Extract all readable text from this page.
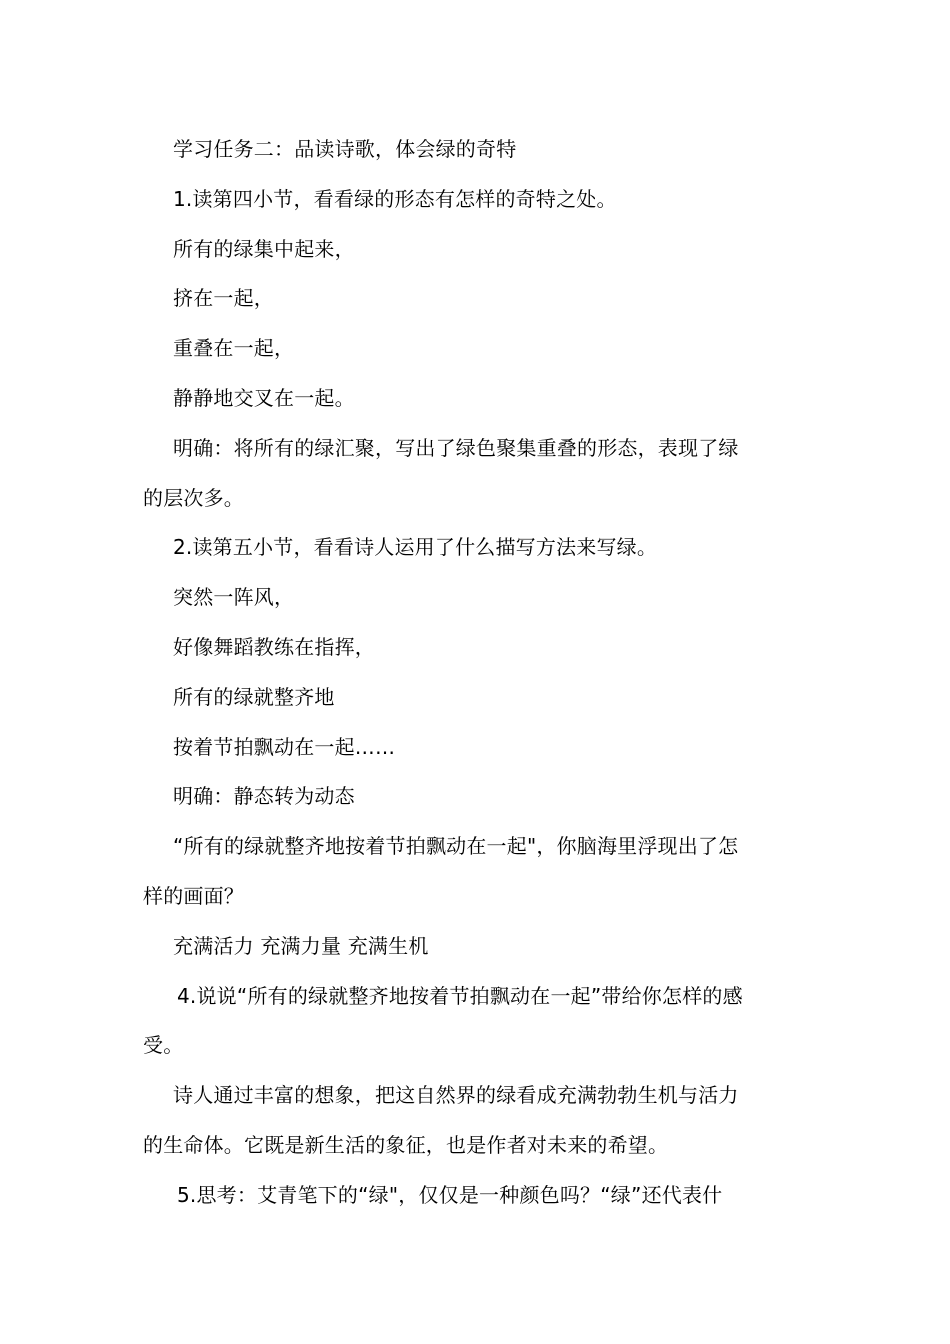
学习任务二：品读诗歌，体会绿的奇特

1.读第四小节，看看绿的形态有怎样的奇特之处。

所有的绿集中起来，

挤在一起，

重叠在一起，

静静地交叉在一起。

明确：将所有的绿汇聚，写出了绿色聚集重叠的形态，表现了绿

的层次多。

2.读第五小节，看看诗人运用了什么描写方法来写绿。

突然一阵风，

好像舞蹈教练在指挥，

所有的绿就整齐地

按着节拍飘动在一起……

明确：静态转为动态

“所有的绿就整齐地按着节拍飘动在一起"，你脑海里浮现出了怎

样的画面？

充满活力 充满力量 充满生机

4.说说“所有的绿就整齐地按着节拍飘动在一起”带给你怎样的感

受。

诗人通过丰富的想象，把这自然界的绿看成充满勃勃生机与活力

的生命体。它既是新生活的象征，也是作者对未来的希望。

5.思考：艾青笔下的“绿"，仅仅是一种颜色吗？“绿”还代表什
